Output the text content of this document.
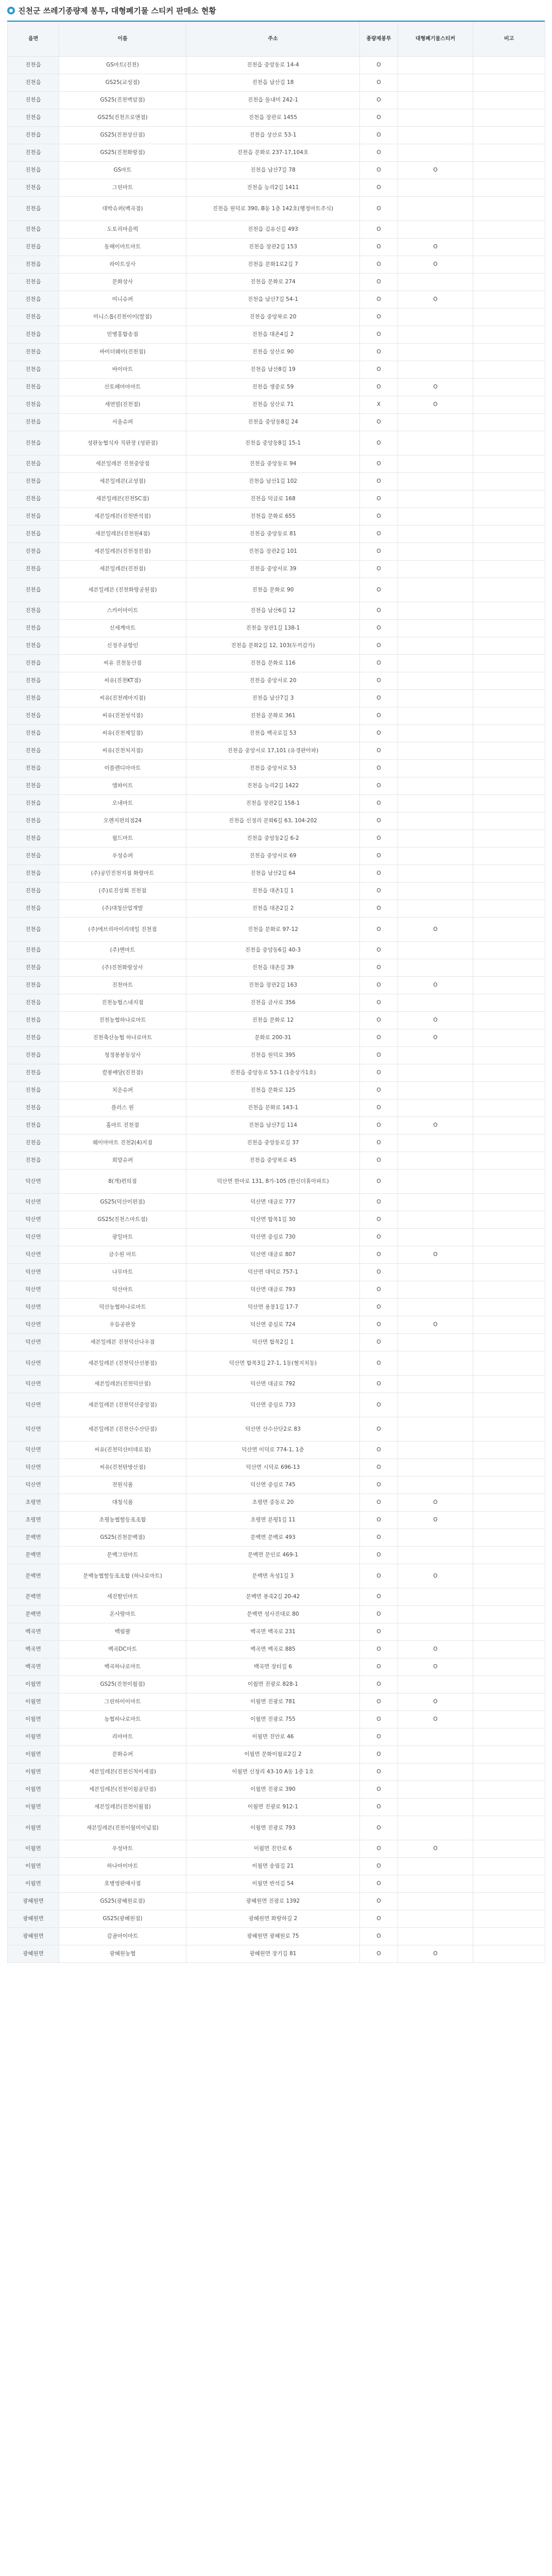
진천군 쓰레기종량제 봉투, 대형폐기물 스티커 판매소 현황
읍면	이름	주소	종량제봉투	대형폐기물스티커	비고
진천읍	GS마트(진천)	진천읍 중앙동로 14-4	O		
진천읍	GS25(교성점)	진천읍 남산길 18	O		
진천읍	GS25(진천벽암점)	진천읍 돌내미 242-1	O		
진천읍	GS25(진천프로앤점)	진천읍 장관로 1455	O		
진천읍	GS25(진천상산점)	진천읍 상산로 53-1	O		
진천읍	GS25(진천화랑점)	진천읍 문화로 237-17,104호	O		
진천읍	GS마트	진천읍 남산7길 78	O	O	
진천읍	그린마트	진천읍 능리2길 1411	O		
진천읍	대박슈퍼(백곡점)	진천읍 원덕로 390, B동 1층 142호(행정마트주식)	O		
진천읍	도토리마을떡	진천읍 김유신길 493	O		
진천읍	동해이마트마트	진천읍 장관2길 153	O	O	
진천읍	라이트상사	진천읍 문화1로2길 7	O	O	
진천읍	문화상사	진천읍 문화로 274	O		
진천읍	미니슈퍼	진천읍 남산7길 54-1	O	O	
진천읍	미니스톱(진천이이(발점)	진천읍 중앙북로 20	O		
진천읍	민병홍합송점	진천읍 대촌4길 2	O		
진천읍	바이더웨이(진천점)	진천읍 상산로 90	O		
진천읍	바이마트	진천읍 남산8길 19	O		
진천읍	산토페마마마트	진천읍 생중로 59	O	O	
진천읍	세연빌(진천점)	진천읍 상산로 71	X	O	
진천읍	서울슈퍼	진천읍 중앙동8길 24	O		
진천읍	성판농협식자 직판장 (성판점)	진천읍 중앙동8길 15-1	O		
진천읍	세븐일레븐 진천중앙점	진천읍 중앙동로 94	O		
진천읍	세븐일레븐(교성점)	진천읍 남산1길 102	O		
진천읍	세븐일레븐(진천SC점)	진천읍 덕금로 168	O		
진천읍	세븐일레븐(진천반석점)	진천읍 문화로 655	O		
진천읍	세븐일레븐(진천원4점)	진천읍 중앙동로 81	O		
진천읍	세븐일레븐(진천정진점)	진천읍 장관2길 101	O		
진천읍	세븐일레븐(진천점)	진천읍 중앙서로 39	O		
진천읍	세븐일레븐 (진천화랑공원점)	진천읍 문화로 90	O		
진천읍	스카이마이트	진천읍 남산6길 12	O		
진천읍	신세계마트	진천읍 장관1길 138-1	O		
진천읍	신정주공항인	진천읍 문화2길 12, 103(두끼감가)	O		
진천읍	씨유 진천동산점	진천읍 문화로 116	O		
진천읍	씨유(진천KT점)	진천읍 중앙서로 20	O		
진천읍	씨유(진천레마지점)	진천읍 남산7길 3	O		
진천읍	씨유(진천성석점)	진천읍 문화로 361	O		
진천읍	씨유(진천제일점)	진천읍 백곡로길 53	O		
진천읍	씨유(진천처지점)	진천읍 중앙서로 17,101 (유경판아파)	O		
진천읍	이플렌디마마트	진천읍 중앙서로 53	O		
진천읍	엠파이트	진천읍 능리2길 1422	O		
진천읍	오네마트	진천읍 장관2길 158-1	O		
진천읍	오렌지편의점24	진천읍 신정리 문화6길 63, 104-202	O		
진천읍	월드마트	진천읍 중앙동2길 6-2	O		
진천읍	우성슈퍼	진천읍 중앙서로 69	O		
진천읍	(주)공민진천지점 화랑마트	진천읍 남산2길 64	O		
진천읍	(주)로진상회 진천점	진천읍 대촌1길 1	O		
진천읍	(주)대청산업개발	진천읍 대촌2길 2	O		
진천읍	(주)에브리마이리데일 진천점	진천읍 문화로 97-12	O	O	
진천읍	(주)엔마트	진천읍 중앙동6길 40-3	O		
진천읍	(주)진천화랑상사	진천읍 대촌길 39	O		
진천읍	진천마트	진천읍 장관2길 163	O	O	
진천읍	진천농협스네지점	진천읍 금사로 356	O		
진천읍	진천농협하나로마트	진천읍 문화로 12	O	O	
진천읍	진천축산농협 하나로마트	문화로 200-31	O	O	
진천읍	청정봉봉동상사	진천읍 원덕로 395	O		
진천읍	칼봉배달(진천점)	진천읍 중앙동로 53-1 (1층상가1호)	O		
진천읍	치운슈퍼	진천읍 문화로 125	O		
진천읍	플러스 원	진천읍 문화로 143-1	O		
진천읍	홈마트 진천점	진천읍 남산7길 114	O	O	
진천읍	웨이마마트 진천2(4)지점	진천읍 중앙동로길 37	O		
진천읍	희망슈퍼	진천읍 중앙북로 45	O		
덕산면	8(개)편의점	덕산면 한마로 131, 8가-105 (한신더휴아파트)	O		
덕산면	GS25(덕산이편점)	덕산면 대금로 777	O		
덕산면	GS25(진천스마트점)	덕산면 합목1길 30	O		
덕산면	광일마트	덕산면 중심로 730	O		
덕산면	금수원 마트	덕산면 대금로 807	O	O	
덕산면	나무마트	덕산면 대덕로 757-1	O		
덕산면	덕산마트	덕산면 대금로 793	O		
덕산면	덕산농협하나로마트	덕산면 용몽1길 17-7	O		
덕산면	우듬공판장	덕산면 중심로 724	O	O	
덕산면	세븐일레븐 진천덕산나우점	덕산면 합목2길 1	O		
덕산면	세븐일레븐 (진천덕산선봉점)	덕산면 합목3길 27-1, 1동(혈지치동)	O		
덕산면	세븐일레븐(진천덕산점)	덕산면 대금로 792	O		
덕산면	세븐일레븐 (진천덕산중앙점)	덕산면 중심로 733	O		
덕산면	세븐일레븐 (진천산수산단점)	덕산면 산수산단2로 83	O		
덕산면	씨유(진천덕산터데로점)	덕산면 이덕로 774-1, 1층	O		
덕산면	씨유(진천탄방산점)	덕산면 시덕로 696-13	O		
덕산면	전원식품	덕산면 중심로 745	O		
초평면	대청식품	초평면 중동로 20	O	O	
초평면	초평농협할등포조합	초평면 분평1길 11	O	O	
문백면	GS25(진천문백점)	문백면 문백로 493	O		
문백면	문백그린마트	문백면 문인로 469-1	O		
문백면	문백농협할등포조합 (하나로마트)	문백면 옥성1길 3	O	O	
문백면	세진할인마트	문백면 봉죽2길 20-42	O		
문백면	온사랑마트	문백면 성사진대로 80	O		
백곡면	백림팔	백곡면 백곡로 231	O		
백곡면	백곡DC마트	백곡면 백곡로 885	O	O	
백곡면	백곡하나로마트	백곡면 장터길 6	O	O	
이월면	GS25(진천이월점)	이월면 진광로 828-1	O		
이월면	그린하이이마트	이월면 진광로 781	O	O	
이월면	농협하나로마트	이월면 진광로 755	O	O	
이월면	리마마트	이월면 진안로 46	O		
이월면	문화슈퍼	이월면 문화이월로2길 2	O		
이월면	세븐일레븐(진천신척이세점)	이월면 신청리 43-10 A동 1층 1호	O		
이월면	세븐일레븐(진천이월공단점)	이월면 진광로 390	O		
이월면	세븐일레븐(진천이월점)	이월면 진광로 912-1	O		
이월면	세븐일레븐(진천이월미이넘점)	이월면 진광로 793	O		
이월면	우성마트	이월면 진안로 6	O	O	
이월면	하나마이마트	이월면 송림길 21	O		
이월면	호병영판매사점	이월면 반석길 54	O		
광혜원면	GS25(광혜원로점)	광혜원면 진광로 1392	O		
광혜원면	GS25(광혜원점)	광혜원면 화랑하길 2	O		
광혜원면	감골마이마트	광혜원면 광혜원로 75	O		
광혜원면	광혜원농협	광혜원면 장기길 81	O	O	
